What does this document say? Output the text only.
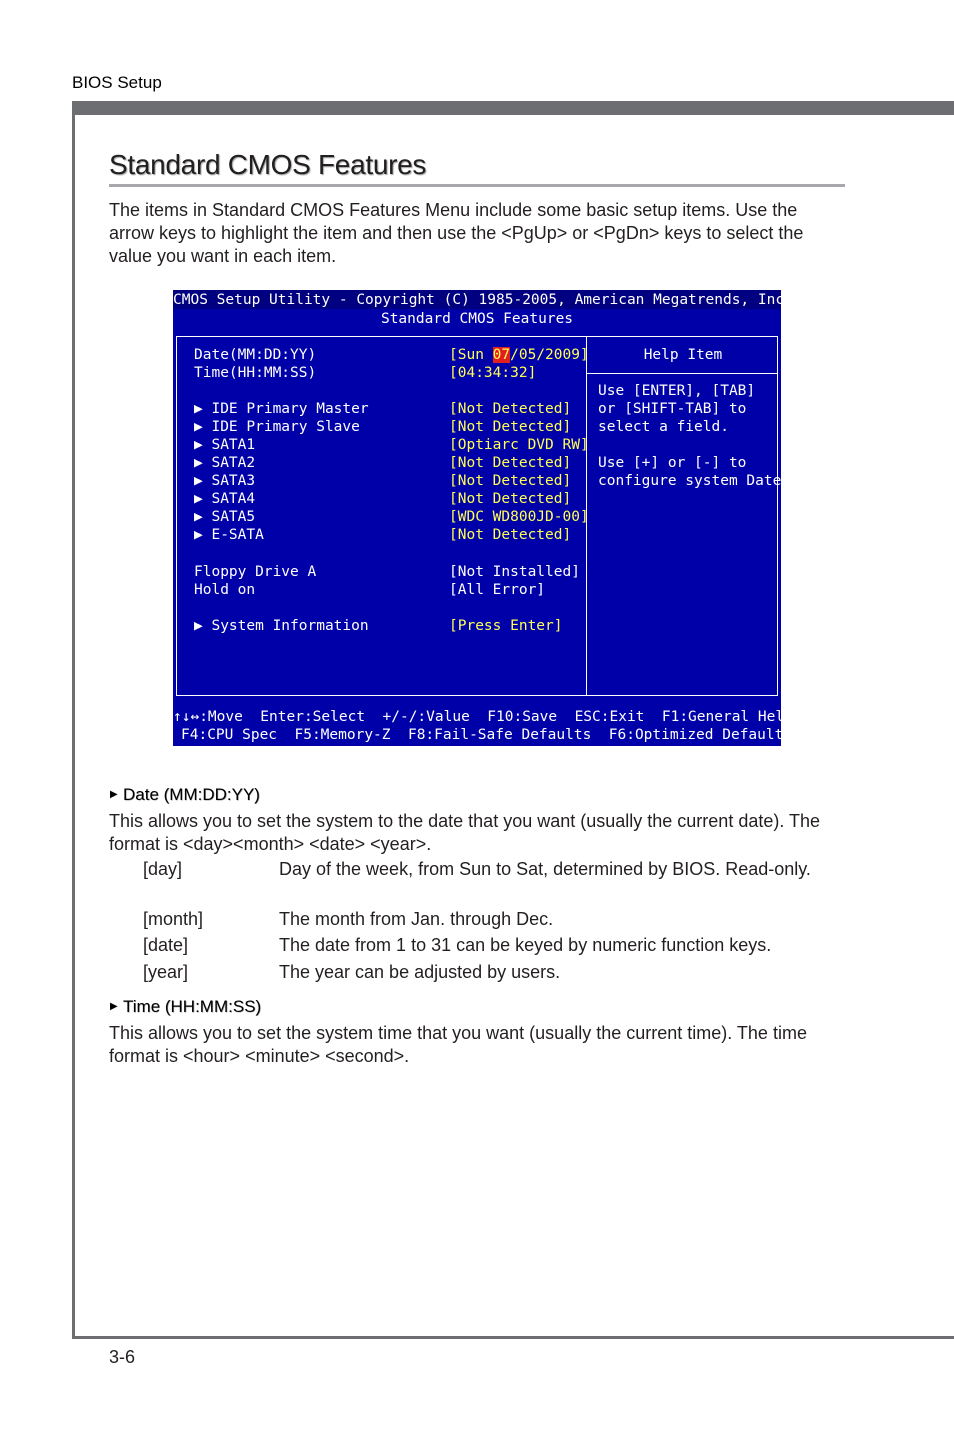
BIOS Setup
Standard CMOS Features
The items in Standard CMOS Features Menu include some basic setup items. Use the arrow keys to highlight the item and then use the <PgUp> or <PgDn> keys to select the value you want in each item.
CMOS Setup Utility - Copyright (C) 1985-2005, American Megatrends, Inc.
Standard CMOS Features
Date(MM:DD:YY)	[Sun 07/05/2009]
Time(HH:MM:SS)	[04:34:32]
▶ IDE Primary Master	[Not Detected]
▶ IDE Primary Slave	[Not Detected]
▶ SATA1	[Optiarc DVD RW]
▶ SATA2	[Not Detected]
▶ SATA3	[Not Detected]
▶ SATA4	[Not Detected]
▶ SATA5	[WDC WD800JD-00]
▶ E-SATA	[Not Detected]
Floppy Drive A	[Not Installed]
Hold on	[All Error]
▶ System Information	[Press Enter]
Help Item
Use [ENTER], [TAB]
or [SHIFT-TAB] to
select a field.
Use [+] or [-] to
configure system Date.
↑↓↔:Move  Enter:Select  +/-/:Value  F10:Save  ESC:Exit  F1:General Help
F4:CPU Spec  F5:Memory-Z  F8:Fail-Safe Defaults  F6:Optimized Defaults
▶ Date (MM:DD:YY)
This allows you to set the system to the date that you want (usually the current date). The format is <day><month> <date> <year>.
[day]	Day of the week, from Sun to Sat, determined by BIOS. Read-only.
[month]	The month from Jan. through Dec.
[date]	The date from 1 to 31 can be keyed by numeric function keys.
[year]	The year can be adjusted by users.
▶ Time (HH:MM:SS)
This allows you to set the system time that you want (usually the current time). The time format is <hour> <minute> <second>.
3-6
